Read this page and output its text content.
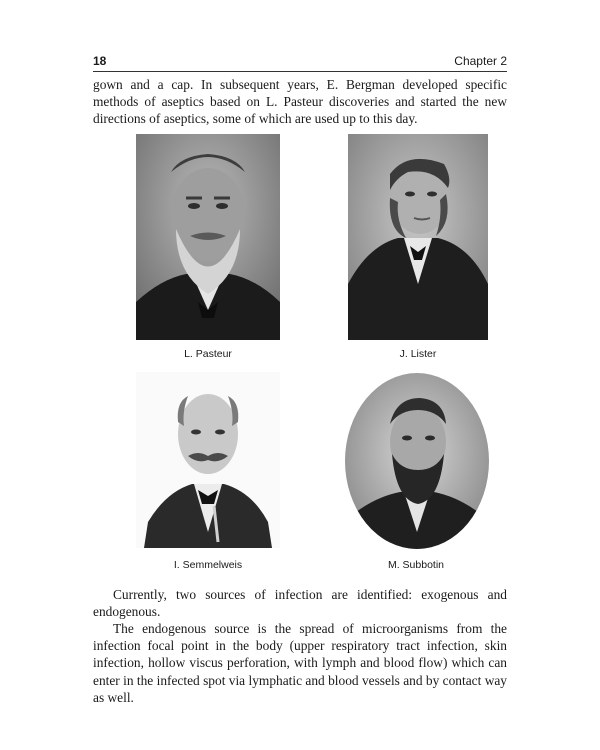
18	Chapter 2

gown and a cap. In subsequent years, E. Bergman developed specific methods of aseptics based on L. Pasteur discoveries and started the new directions of aseptics, some of which are used up to this day.

L. Pasteur	J. Lister
I. Semmelweis	M. Subbotin

Currently, two sources of infection are identified: exogenous and endogenous.

The endogenous source is the spread of microorganisms from the infection focal point in the body (upper respiratory tract infection, skin infection, hollow viscus perforation, with lymph and blood flow) which can enter in the infected spot via lymphatic and blood vessels and by contact way as well.
